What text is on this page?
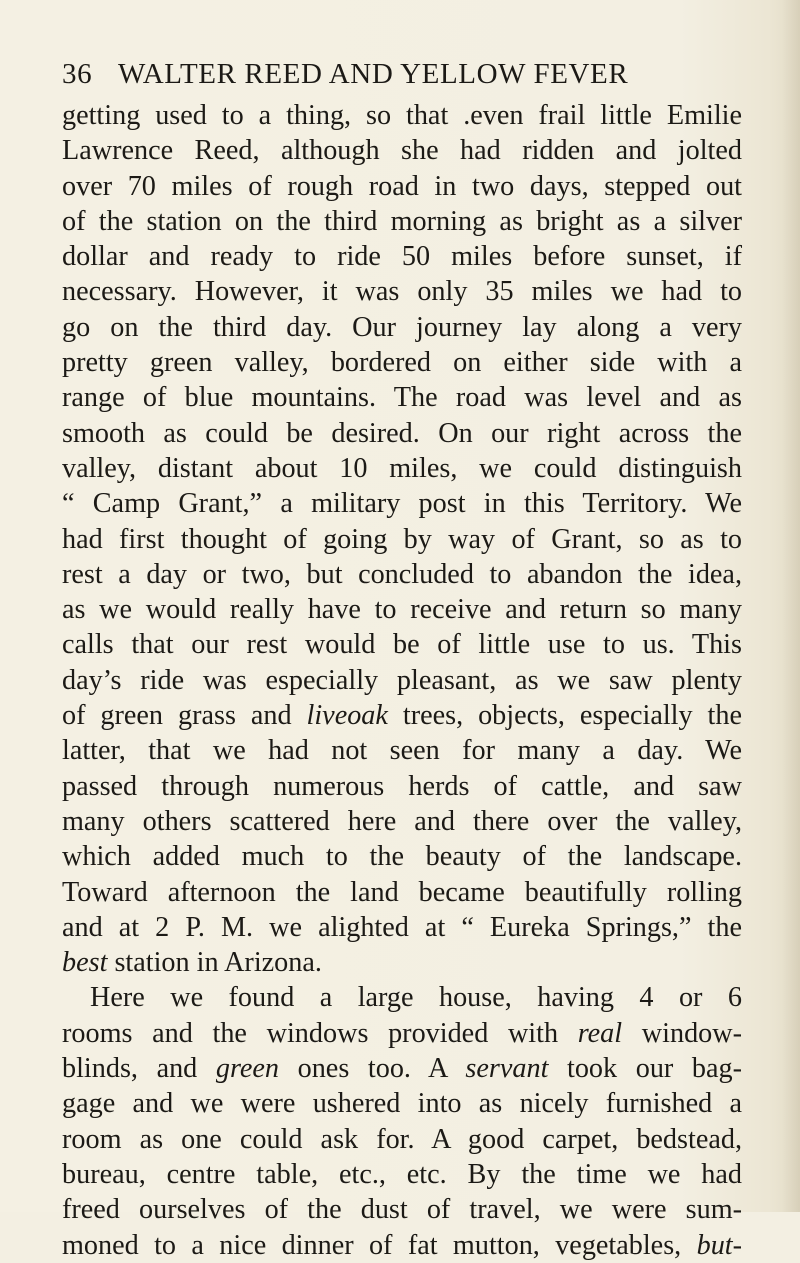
36 WALTER REED AND YELLOW FEVER
getting used to a thing, so that .even frail little Emilie
Lawrence Reed, although she had ridden and jolted
over 70 miles of rough road in two days, stepped out
of the station on the third morning as bright as a silver
dollar and ready to ride 50 miles before sunset, if
necessary. However, it was only 35 miles we had to
go on the third day. Our journey lay along a very
pretty green valley, bordered on either side with a
range of blue mountains. The road was level and as
smooth as could be desired. On our right across the
valley, distant about 10 miles, we could distinguish
“ Camp Grant,” a military post in this Territory. We
had first thought of going by way of Grant, so as to
rest a day or two, but concluded to abandon the idea,
as we would really have to receive and return so many
calls that our rest would be of little use to us. This
day’s ride was especially pleasant, as we saw plenty
of green grass and liveoak trees, objects, especially the
latter, that we had not seen for many a day. We
passed through numerous herds of cattle, and saw
many others scattered here and there over the valley,
which added much to the beauty of the landscape.
Toward afternoon the land became beautifully rolling
and at 2 P. M. we alighted at “ Eureka Springs,” the
best station in Arizona.
Here we found a large house, having 4 or 6
rooms and the windows provided with real window-
blinds, and green ones too. A servant took our bag-
gage and we were ushered into as nicely furnished a
room as one could ask for. A good carpet, bedstead,
bureau, centre table, etc., etc. By the time we had
freed ourselves of the dust of travel, we were sum-
moned to a nice dinner of fat mutton, vegetables, but-
